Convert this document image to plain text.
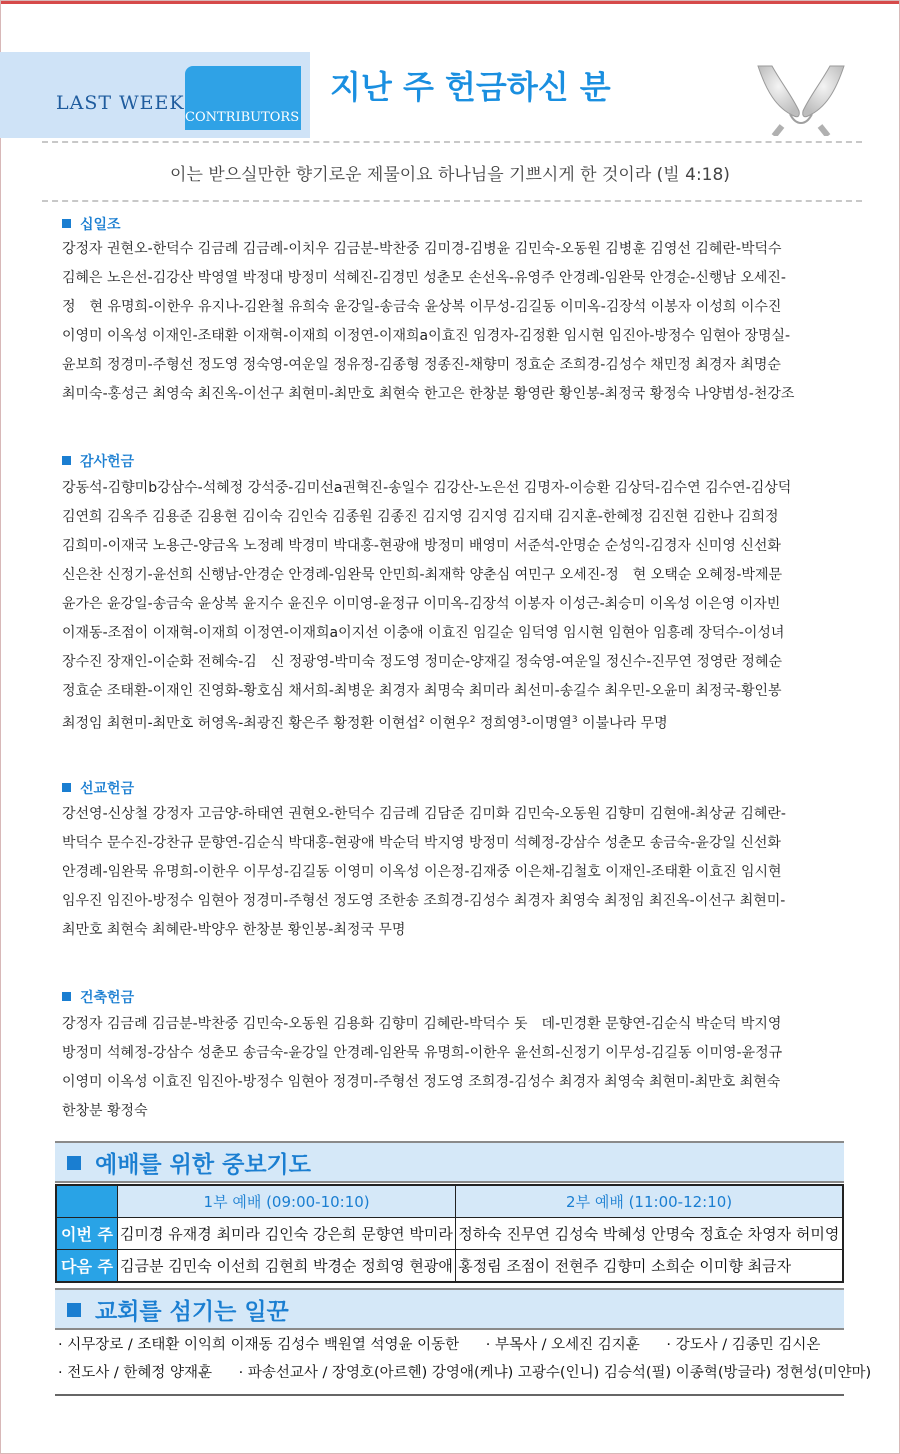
LAST WEEK
CONTRIBUTORS
지난 주 헌금하신 분
이는 받으실만한 향기로운 제물이요 하나님을 기쁘시게 한 것이라 (빌 4:18)
십일조
강정자 권현오-한덕수 김금례 김금례-이치우 김금분-박찬중 김미경-김병윤 김민숙-오동원 김병훈 김영선 김혜란-박덕수
김혜은 노은선-김강산 박영열 박정대 방정미 석혜진-김경민 성춘모 손선옥-유영주 안경례-임완묵 안경순-신행남 오세진-
정　현 유명희-이한우 유지나-김완철 유희숙 윤강일-송금숙 윤상복 이무성-김길동 이미옥-김장석 이봉자 이성희 이수진
이영미 이옥성 이재인-조태환 이재혁-이재희 이정연-이재희a이효진 임경자-김정환 임시현 임진아-방정수 임현아 장명실-
윤보희 정경미-주형선 정도영 정숙영-여운일 정유정-김종형 정종진-채향미 정효순 조희경-김성수 채민정 최경자 최명순
최미숙-홍성근 최영숙 최진옥-이선구 최현미-최만호 최현숙 한고은 한창분 황영란 황인봉-최정국 황정숙 나양범성-천강조
감사헌금
강동석-김향미b강삼수-석혜정 강석중-김미선a권혁진-송일수 김강산-노은선 김명자-이승환 김상덕-김수연 김수연-김상덕
김연희 김옥주 김용준 김용현 김이숙 김인숙 김종원 김종진 김지영 김지영 김지태 김지훈-한혜정 김진현 김한나 김희정
김희미-이재국 노용근-양금옥 노정례 박경미 박대홍-현광애 방정미 배영미 서준석-안명순 순성익-김경자 신미영 신선화
신은찬 신정기-윤선희 신행남-안경순 안경례-임완묵 안민희-최재학 양춘심 여민구 오세진-정　현 오택순 오혜정-박제문
윤가은 윤강일-송금숙 윤상복 윤지수 윤진우 이미영-윤정규 이미옥-김장석 이봉자 이성근-최승미 이옥성 이은영 이자빈
이재동-조점이 이재혁-이재희 이정연-이재희a이지선 이충애 이효진 임길순 임덕영 임시현 임현아 임흥례 장덕수-이성녀
장수진 장재인-이순화 전혜숙-김　신 정광영-박미숙 정도영 정미순-양재길 정숙영-여운일 정신수-진무연 정영란 정혜순
정효순 조태환-이재인 진영화-황호심 채서희-최병운 최경자 최명숙 최미라 최선미-송길수 최우민-오윤미 최정국-황인봉
최정임 최현미-최만호 허영옥-최광진 황은주 황정환 이현섭$^2$ 이현우$^2$ 정희영$^3$-이명열$^3$ 이불나라 무명
선교헌금
강선영-신상철 강정자 고금양-하태연 권현오-한덕수 김금례 김담준 김미화 김민숙-오동원 김향미 김현애-최상균 김혜란-
박덕수 문수진-강찬규 문향연-김순식 박대홍-현광애 박순덕 박지영 방정미 석혜정-강삼수 성춘모 송금숙-윤강일 신선화
안경례-임완묵 유명희-이한우 이무성-김길동 이영미 이옥성 이은정-김재중 이은채-김철호 이재인-조태환 이효진 임시현
임우진 임진아-방정수 임현아 정경미-주형선 정도영 조한송 조희경-김성수 최경자 최영숙 최정임 최진옥-이선구 최현미-
최만호 최현숙 최혜란-박양우 한창분 황인봉-최정국 무명
건축헌금
강정자 김금례 김금분-박찬중 김민숙-오동원 김용화 김향미 김혜란-박덕수 돗　데-민경환 문향연-김순식 박순덕 박지영
방정미 석혜정-강삼수 성춘모 송금숙-윤강일 안경례-임완묵 유명희-이한우 윤선희-신정기 이무성-김길동 이미영-윤정규
이영미 이옥성 이효진 임진아-방정수 임현아 정경미-주형선 정도영 조희경-김성수 최경자 최영숙 최현미-최만호 최현숙
한창분 황정숙
예배를 위한 중보기도
	1부 예배 (09:00-10:10)	2부 예배 (11:00-12:10)
이번 주	김미경 유재경 최미라 김인숙 강은희 문향연 박미라	정하숙 진무연 김성숙 박혜성 안명숙 정효순 차영자 허미영
다음 주	김금분 김민숙 이선희 김현희 박경순 정희영 현광애	홍정림 조점이 전현주 김향미 소희순 이미향 최금자
교회를 섬기는 일꾼
· 시무장로 / 조태환 이익희 이재동 김성수 백원열 석영윤 이동한 · 부목사 / 오세진 김지훈 · 강도사 / 김종민 김시온
· 전도사 / 한혜정 양재훈 · 파송선교사 / 장영호(아르헨) 강영애(케냐) 고광수(인니) 김승석(필) 이종혁(방글라) 정현성(미얀마)
